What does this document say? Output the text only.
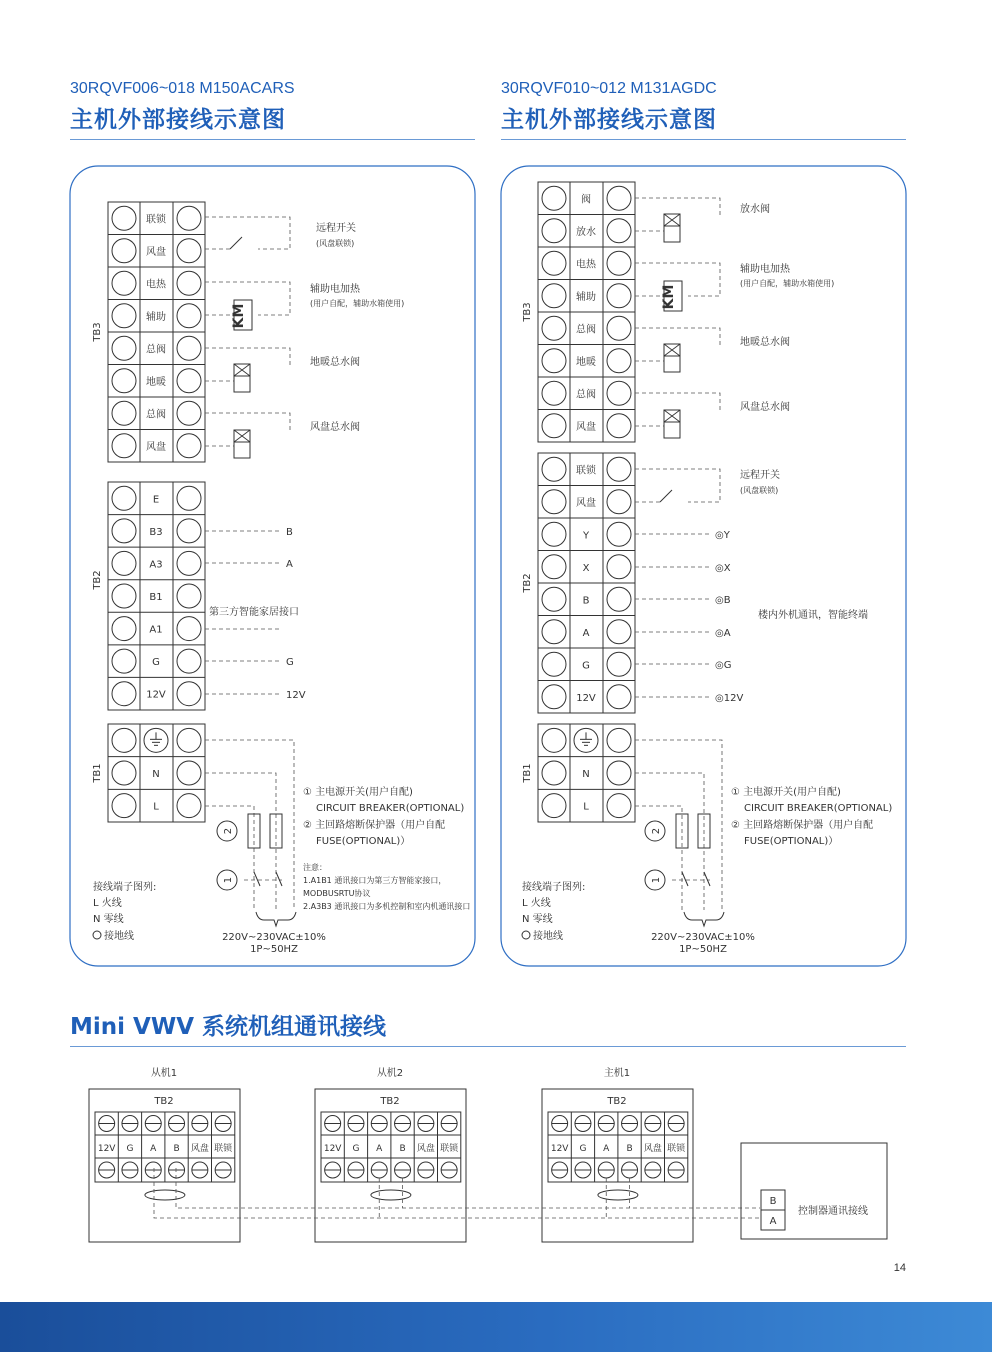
30RQVF006~018 M150ACARS
主机外部接线示意图
30RQVF010~012 M131AGDC
主机外部接线示意图
Mini VWV 系统机组通讯接线
联锁
风盘
电热
辅助
总阀
地暖
总阀
风盘
TB3
E
B3
A3
B1
A1
G
12V
TB2
N
L
TB1
KM
远程开关
(风盘联锁)
辅助电加热
(用户自配，辅助水箱使用)
地暖总水阀
风盘总水阀
B
A
第三方智能家居接口
G
12V
2
1
① 主电源开关(用户自配)
CIRCUIT BREAKER(OPTIONAL)
② 主回路熔断保护器（用户自配
FUSE(OPTIONAL)）
注意：
1.A1B1 通讯接口为第三方智能家接口，
MODBUSRTU协议
2.A3B3 通讯接口为多机控制和室内机通讯接口
接线端子图列:
L 火线
N 零线
接地线	220V~230VAC±10%
1P~50HZ
阀
放水
电热
辅助
总阀
地暖
总阀
风盘
TB3
联锁
风盘
Y
X
B
A
G
12V
TB2
N
L
TB1
KM
放水阀
辅助电加热
(用户自配，辅助水箱使用)
地暖总水阀
风盘总水阀
远程开关
(风盘联锁)
◎Y
◎X
◎B
◎A
◎G
◎12V
楼内外机通讯，智能终端
2
1
① 主电源开关(用户自配)
CIRCUIT BREAKER(OPTIONAL)
② 主回路熔断保护器（用户自配
FUSE(OPTIONAL)）
接线端子图列:
L 火线
N 零线
接地线	220V~230VAC±10%
1P~50HZ
从机1
TB2
12V G A B 风盘 联锁
从机2
TB2
12V G A B 风盘 联锁
主机1
TB2
12V G A B 风盘 联锁
B
A
控制器通讯接线
14
